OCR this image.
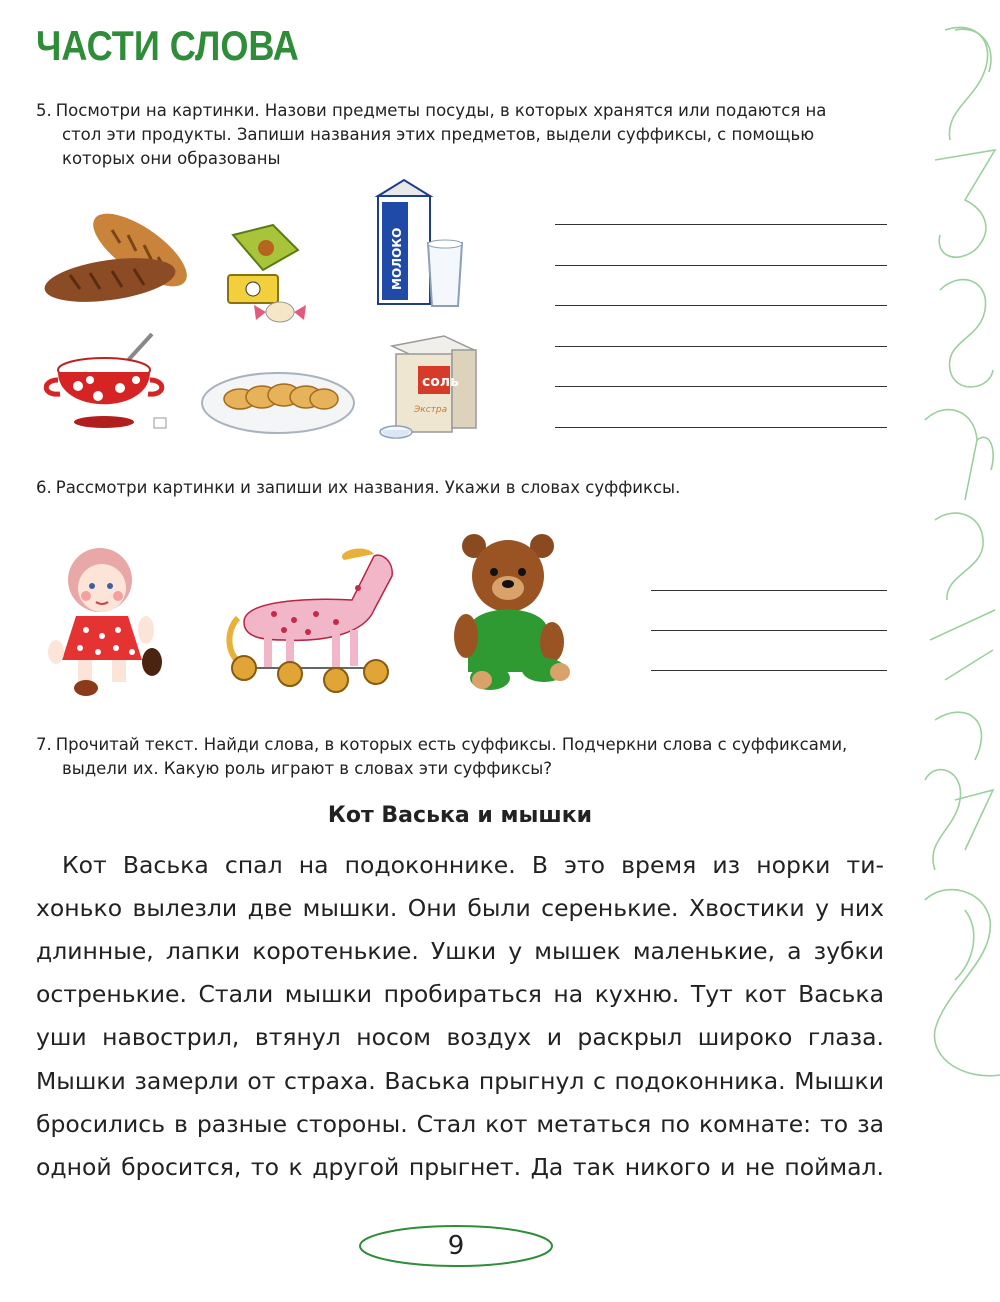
ЧАСТИ СЛОВА
5. Посмотри на картинки. Назови предметы посуды, в которых хранятся или подаются на
стол эти продукты. Запиши названия этих предметов, выдели суффиксы, с помощью
которых они образованы
МОЛОКО
соль
Экстра
6. Рассмотри картинки и запиши их названия. Укажи в словах суффиксы.
7. Прочитай текст. Найди слова, в которых есть суффиксы. Подчеркни слова с суффиксами,
выдели их. Какую роль играют в словах эти суффиксы?
Кот Васька и мышки
Кот Васька спал на подоконнике. В это время из норки ти-
хонько вылезли две мышки. Они были серенькие. Хвостики у них
длинные, лапки коротенькие. Ушки у мышек маленькие, а зубки
остренькие. Стали мышки пробираться на кухню. Тут кот Васька
уши навострил, втянул носом воздух и раскрыл широко глаза.
Мышки замерли от страха. Васька прыгнул с подоконника. Мышки
бросились в разные стороны. Стал кот метаться по комнате: то за
одной бросится, то к другой прыгнет. Да так никого и не поймал.
9
